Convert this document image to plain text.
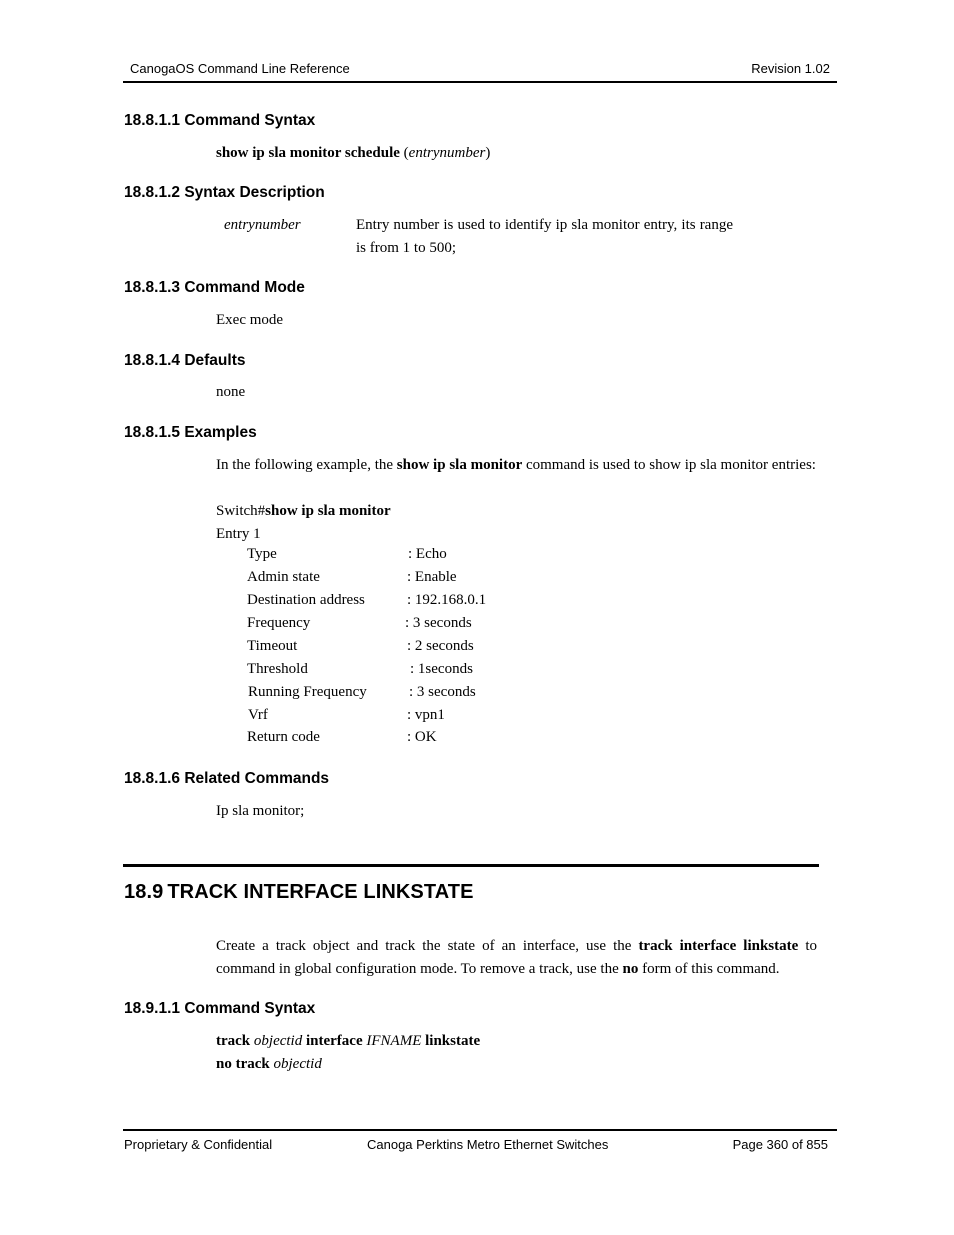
CanogaOS Command Line Reference	Revision 1.02
18.8.1.1 Command Syntax
show ip sla monitor schedule (entrynumber)
18.8.1.2 Syntax Description
entrynumber	Entry number is used to identify ip sla monitor entry, its range is from 1 to 500;
18.8.1.3 Command Mode
Exec mode
18.8.1.4 Defaults
none
18.8.1.5 Examples
In the following example, the show ip sla monitor command is used to show ip sla monitor entries:
Switch#show ip sla monitor
Entry 1
Type	: Echo
Admin state	: Enable
Destination address	: 192.168.0.1
Frequency	: 3 seconds
Timeout	: 2 seconds
Threshold	: 1seconds
Running Frequency	: 3 seconds
Vrf	: vpn1
Return code	: OK
18.8.1.6 Related Commands
Ip sla monitor;
18.9 TRACK INTERFACE LINKSTATE
Create a track object and track the state of an interface, use the track interface linkstate to command in global configuration mode. To remove a track, use the no form of this command.
18.9.1.1 Command Syntax
track objectid interface IFNAME linkstate
no track objectid
Proprietary & Confidential	Canoga Perktins Metro Ethernet Switches	Page 360 of 855
